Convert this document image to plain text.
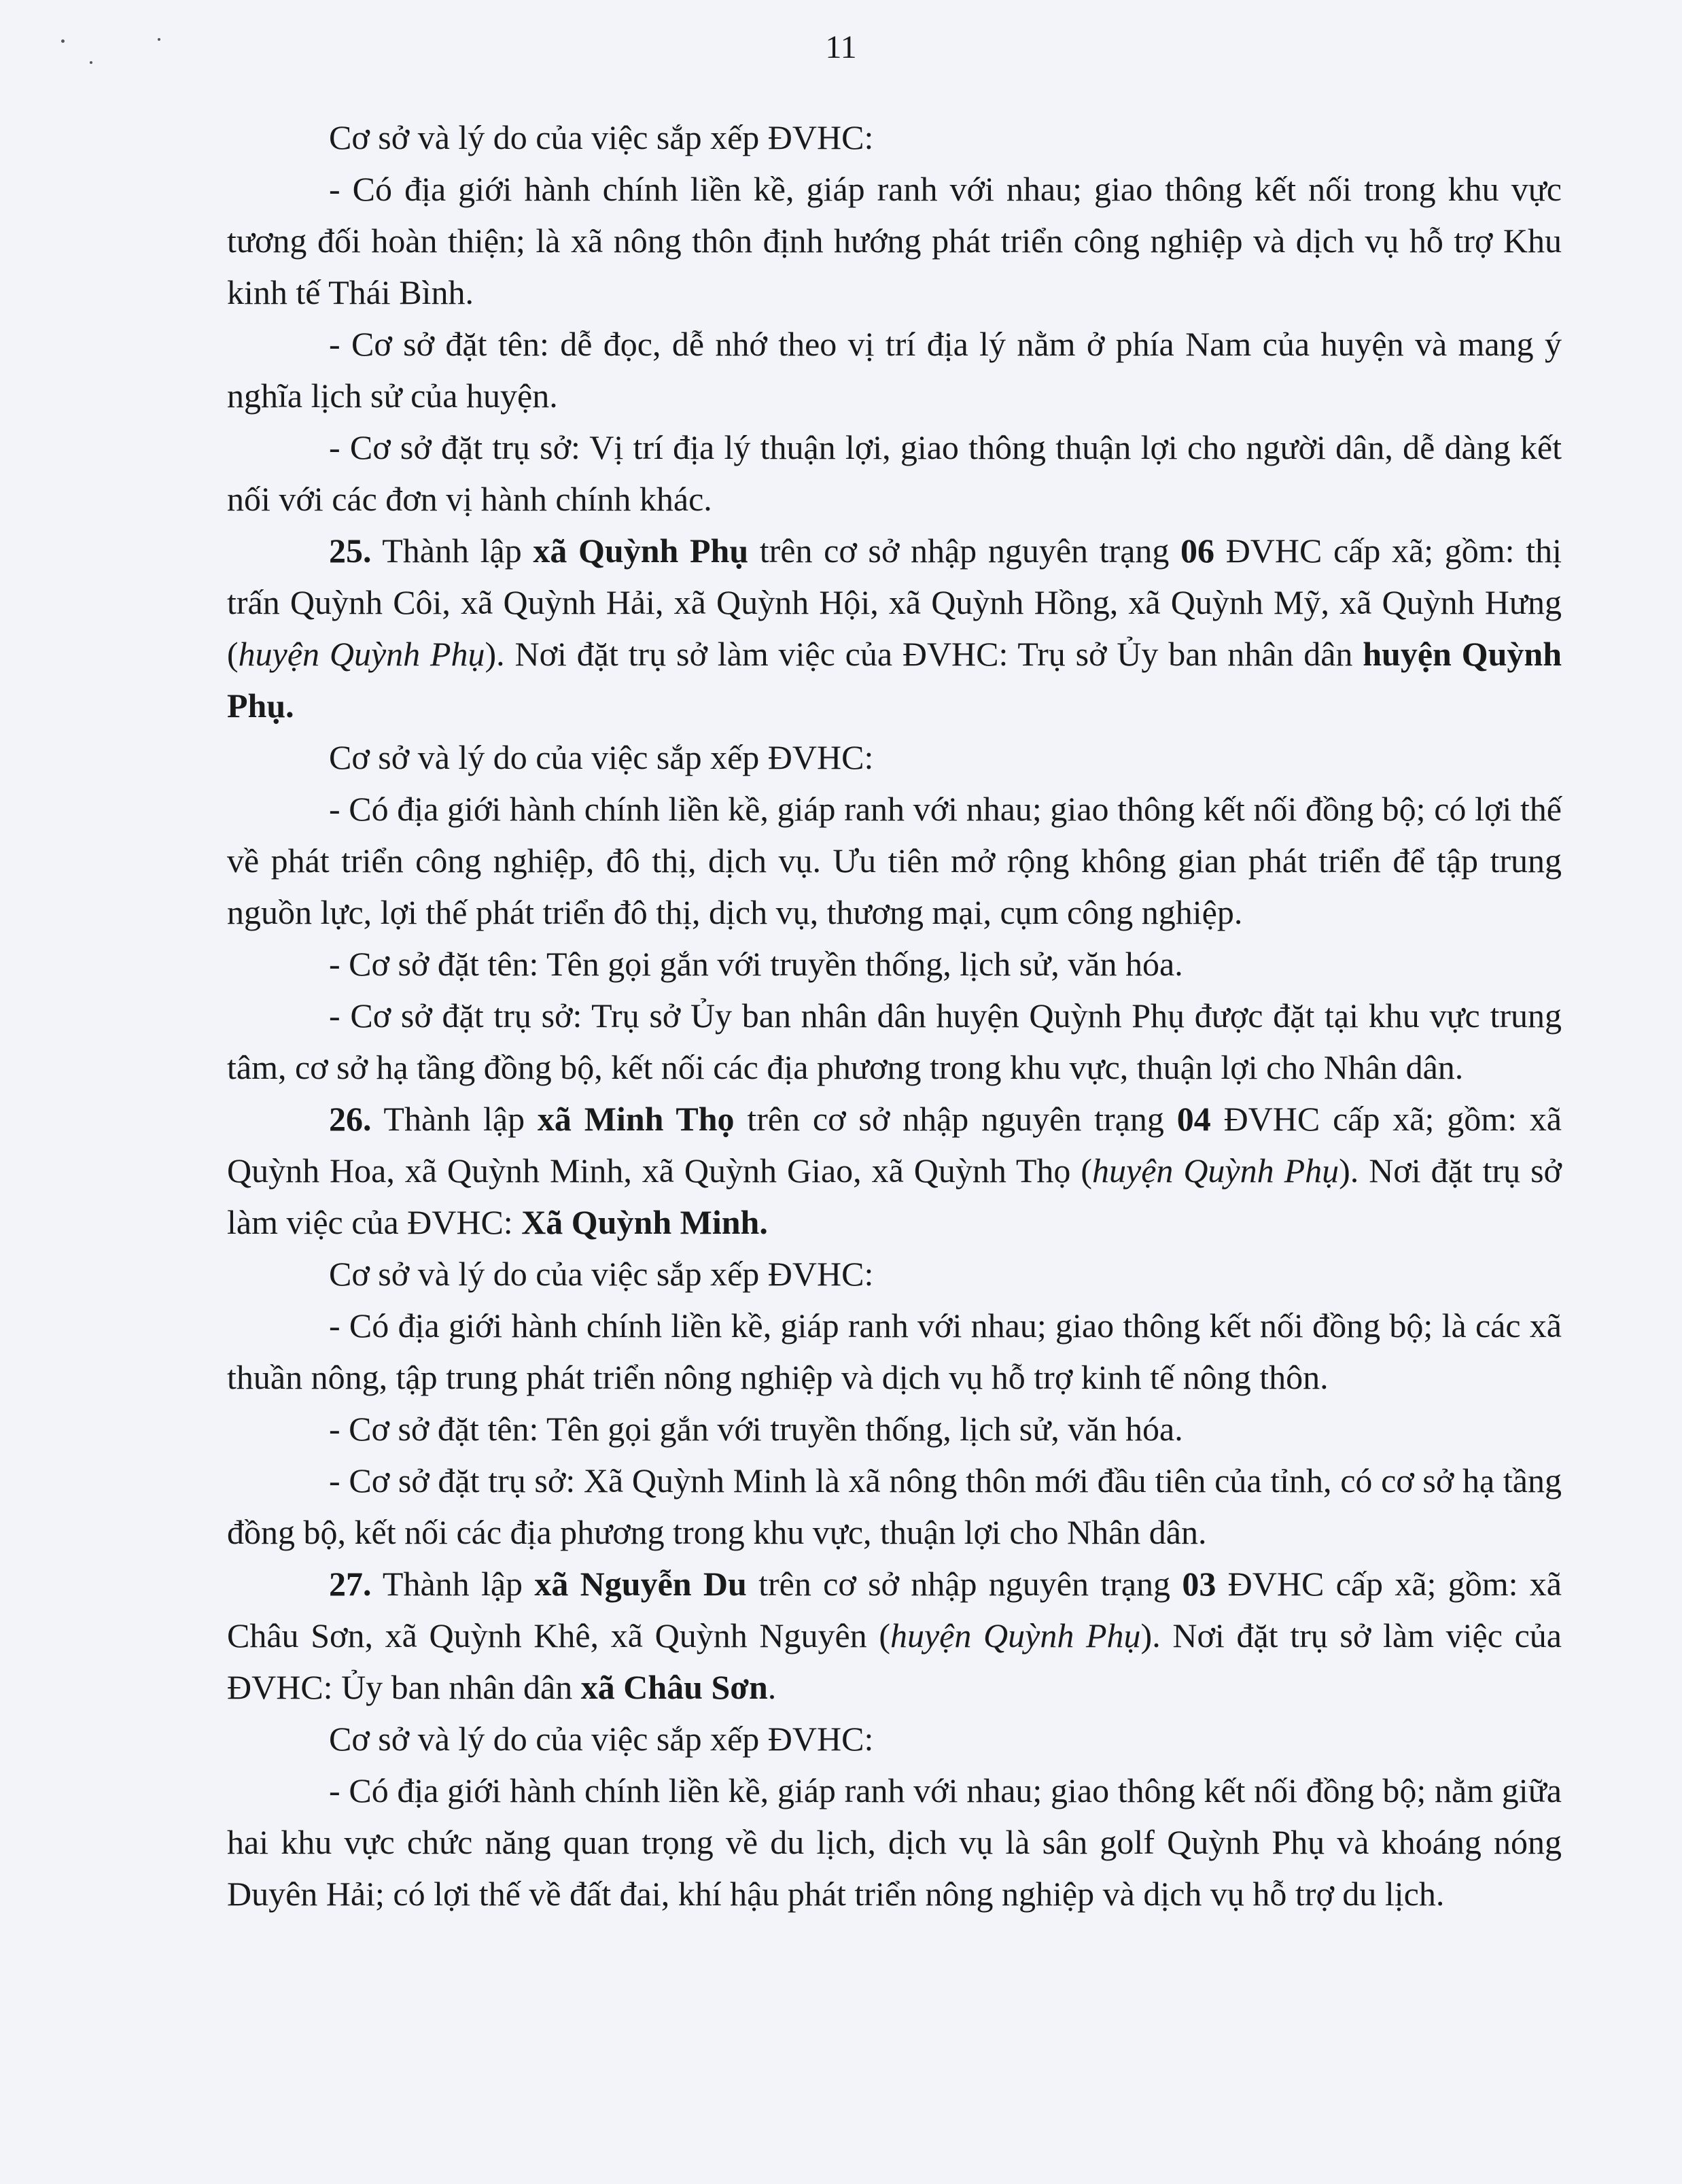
11

Cơ sở và lý do của việc sắp xếp ĐVHC:

- Có địa giới hành chính liền kề, giáp ranh với nhau; giao thông kết nối trong khu vực tương đối hoàn thiện; là xã nông thôn định hướng phát triển công nghiệp và dịch vụ hỗ trợ Khu kinh tế Thái Bình.

- Cơ sở đặt tên: dễ đọc, dễ nhớ theo vị trí địa lý nằm ở phía Nam của huyện và mang ý nghĩa lịch sử của huyện.

- Cơ sở đặt trụ sở: Vị trí địa lý thuận lợi, giao thông thuận lợi cho người dân, dễ dàng kết nối với các đơn vị hành chính khác.

25. Thành lập xã Quỳnh Phụ trên cơ sở nhập nguyên trạng 06 ĐVHC cấp xã; gồm: thị trấn Quỳnh Côi, xã Quỳnh Hải, xã Quỳnh Hội, xã Quỳnh Hồng, xã Quỳnh Mỹ, xã Quỳnh Hưng (huyện Quỳnh Phụ). Nơi đặt trụ sở làm việc của ĐVHC: Trụ sở Ủy ban nhân dân huyện Quỳnh Phụ.

Cơ sở và lý do của việc sắp xếp ĐVHC:

- Có địa giới hành chính liền kề, giáp ranh với nhau; giao thông kết nối đồng bộ; có lợi thế về phát triển công nghiệp, đô thị, dịch vụ. Ưu tiên mở rộng không gian phát triển để tập trung nguồn lực, lợi thế phát triển đô thị, dịch vụ, thương mại, cụm công nghiệp.

- Cơ sở đặt tên: Tên gọi gắn với truyền thống, lịch sử, văn hóa.

- Cơ sở đặt trụ sở: Trụ sở Ủy ban nhân dân huyện Quỳnh Phụ được đặt tại khu vực trung tâm, cơ sở hạ tầng đồng bộ, kết nối các địa phương trong khu vực, thuận lợi cho Nhân dân.

26. Thành lập xã Minh Thọ trên cơ sở nhập nguyên trạng 04 ĐVHC cấp xã; gồm: xã Quỳnh Hoa, xã Quỳnh Minh, xã Quỳnh Giao, xã Quỳnh Thọ (huyện Quỳnh Phụ). Nơi đặt trụ sở làm việc của ĐVHC: Xã Quỳnh Minh.

Cơ sở và lý do của việc sắp xếp ĐVHC:

- Có địa giới hành chính liền kề, giáp ranh với nhau; giao thông kết nối đồng bộ; là các xã thuần nông, tập trung phát triển nông nghiệp và dịch vụ hỗ trợ kinh tế nông thôn.

- Cơ sở đặt tên: Tên gọi gắn với truyền thống, lịch sử, văn hóa.

- Cơ sở đặt trụ sở: Xã Quỳnh Minh là xã nông thôn mới đầu tiên của tỉnh, có cơ sở hạ tầng đồng bộ, kết nối các địa phương trong khu vực, thuận lợi cho Nhân dân.

27. Thành lập xã Nguyễn Du trên cơ sở nhập nguyên trạng 03 ĐVHC cấp xã; gồm: xã Châu Sơn, xã Quỳnh Khê, xã Quỳnh Nguyên (huyện Quỳnh Phụ). Nơi đặt trụ sở làm việc của ĐVHC: Ủy ban nhân dân xã Châu Sơn.

Cơ sở và lý do của việc sắp xếp ĐVHC:

- Có địa giới hành chính liền kề, giáp ranh với nhau; giao thông kết nối đồng bộ; nằm giữa hai khu vực chức năng quan trọng về du lịch, dịch vụ là sân golf Quỳnh Phụ và khoáng nóng Duyên Hải; có lợi thế về đất đai, khí hậu phát triển nông nghiệp và dịch vụ hỗ trợ du lịch.
